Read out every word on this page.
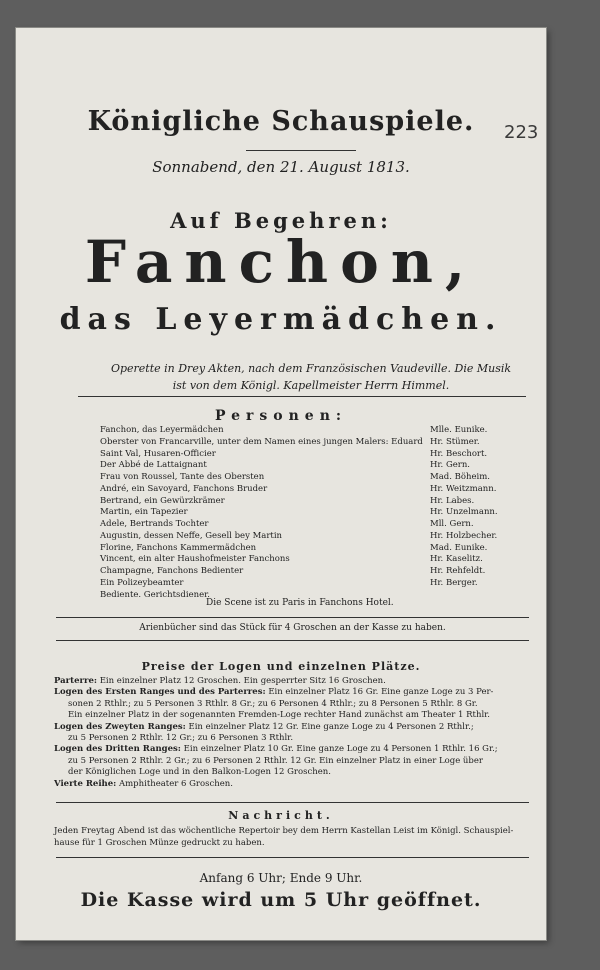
223
Königliche Schauspiele.
Sonnabend, den 21. August 1813.
Auf Begehren:
Fanchon,
das Leyermädchen.
Operette in Drey Akten, nach dem Französischen Vaudeville. Die Musik
ist von dem Königl. Kapellmeister Herrn Himmel.
Personen:
Fanchon, das Leyermädchen	Mlle. Eunike.
Oberster von Francarville, unter dem Namen eines jungen Malers: Eduard Hr. Stümer.
Saint Val, Husaren-Officier	Hr. Beschort.
Der Abbé de Lattaignant	Hr. Gern.
Frau von Roussel, Tante des Obersten	Mad. Böheim.
André, ein Savoyard, Fanchons Bruder	Hr. Weitzmann.
Bertrand, ein Gewürzkrämer	Hr. Labes.
Martin, ein Tapezier	Hr. Unzelmann.
Adele, Bertrands Tochter	Mll. Gern.
Augustin, dessen Neffe, Gesell bey Martin	Hr. Holzbecher.
Florine, Fanchons Kammermädchen	Mad. Eunike.
Vincent, ein alter Haushofmeister Fanchons	Hr. Kaselitz.
Champagne, Fanchons Bedienter	Hr. Rehfeldt.
Ein Polizeybeamter	Hr. Berger.
Bediente. Gerichtsdiener.
Die Scene ist zu Paris in Fanchons Hotel.
Arienbücher sind das Stück für 4 Groschen an der Kasse zu haben.
Preise der Logen und einzelnen Plätze.

Parterre: Ein einzelner Platz 12 Groschen. Ein gesperrter Sitz 16 Groschen.

Logen des Ersten Ranges und des Parterres: Ein einzelner Platz 16 Gr. Eine ganze Loge zu 3 Per-

sonen 2 Rthlr.; zu 5 Personen 3 Rthlr. 8 Gr.; zu 6 Personen 4 Rthlr.; zu 8 Personen 5 Rthlr. 8 Gr.

Ein einzelner Platz in der sogenannten Fremden-Loge rechter Hand zunächst am Theater 1 Rthlr.

Logen des Zweyten Ranges: Ein einzelner Platz 12 Gr. Eine ganze Loge zu 4 Personen 2 Rthlr.;

zu 5 Personen 2 Rthlr. 12 Gr.; zu 6 Personen 3 Rthlr.

Logen des Dritten Ranges: Ein einzelner Platz 10 Gr. Eine ganze Loge zu 4 Personen 1 Rthlr. 16 Gr.;

zu 5 Personen 2 Rthlr. 2 Gr.; zu 6 Personen 2 Rthlr. 12 Gr. Ein einzelner Platz in einer Loge über

der Königlichen Loge und in den Balkon-Logen 12 Groschen.

Vierte Reihe: Amphitheater 6 Groschen.

Nachricht.

Jeden Freytag Abend ist das wöchentliche Repertoir bey dem Herrn Kastellan Leist im Königl. Schauspiel-

hause für 1 Groschen Münze gedruckt zu haben.

Anfang 6 Uhr; Ende 9 Uhr.
Die Kasse wird um 5 Uhr geöffnet.
